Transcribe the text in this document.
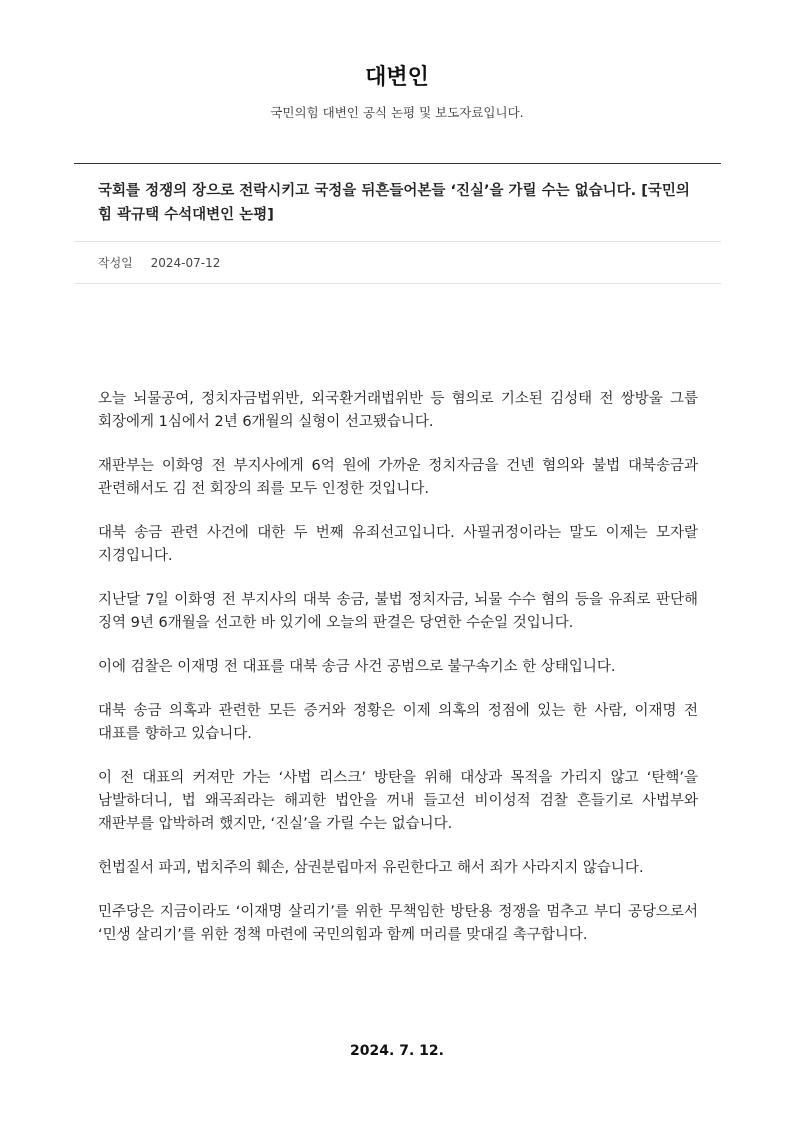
대변인
국민의힘 대변인 공식 논평 및 보도자료입니다.
국회를 정쟁의 장으로 전락시키고 국정을 뒤흔들어본들 ‘진실’을 가릴 수는 없습니다. [국민의힘 곽규택 수석대변인 논평]
작성일 2024-07-12

오늘 뇌물공여, 정치자금법위반, 외국환거래법위반 등 혐의로 기소된 김성태 전 쌍방울 그룹 회장에게 1심에서 2년 6개월의 실형이 선고됐습니다.

재판부는 이화영 전 부지사에게 6억 원에 가까운 정치자금을 건넨 혐의와 불법 대북송금과 관련해서도 김 전 회장의 죄를 모두 인정한 것입니다.

대북 송금 관련 사건에 대한 두 번째 유죄선고입니다. 사필귀정이라는 말도 이제는 모자랄 지경입니다.

지난달 7일 이화영 전 부지사의 대북 송금, 불법 정치자금, 뇌물 수수 혐의 등을 유죄로 판단해 징역 9년 6개월을 선고한 바 있기에 오늘의 판결은 당연한 수순일 것입니다.

이에 검찰은 이재명 전 대표를 대북 송금 사건 공범으로 불구속기소 한 상태입니다.

대북 송금 의혹과 관련한 모든 증거와 정황은 이제 의혹의 정점에 있는 한 사람, 이재명 전 대표를 향하고 있습니다.

이 전 대표의 커져만 가는 ‘사법 리스크’ 방탄을 위해 대상과 목적을 가리지 않고 ‘탄핵’을 남발하더니, 법 왜곡죄라는 해괴한 법안을 꺼내 들고선 비이성적 검찰 흔들기로 사법부와 재판부를 압박하려 했지만, ‘진실’을 가릴 수는 없습니다.

헌법질서 파괴, 법치주의 훼손, 삼권분립마저 유린한다고 해서 죄가 사라지지 않습니다.

민주당은 지금이라도 ‘이재명 살리기’를 위한 무책임한 방탄용 정쟁을 멈추고 부디 공당으로서 ‘민생 살리기’를 위한 정책 마련에 국민의힘과 함께 머리를 맞대길 촉구합니다.

2024. 7. 12.
